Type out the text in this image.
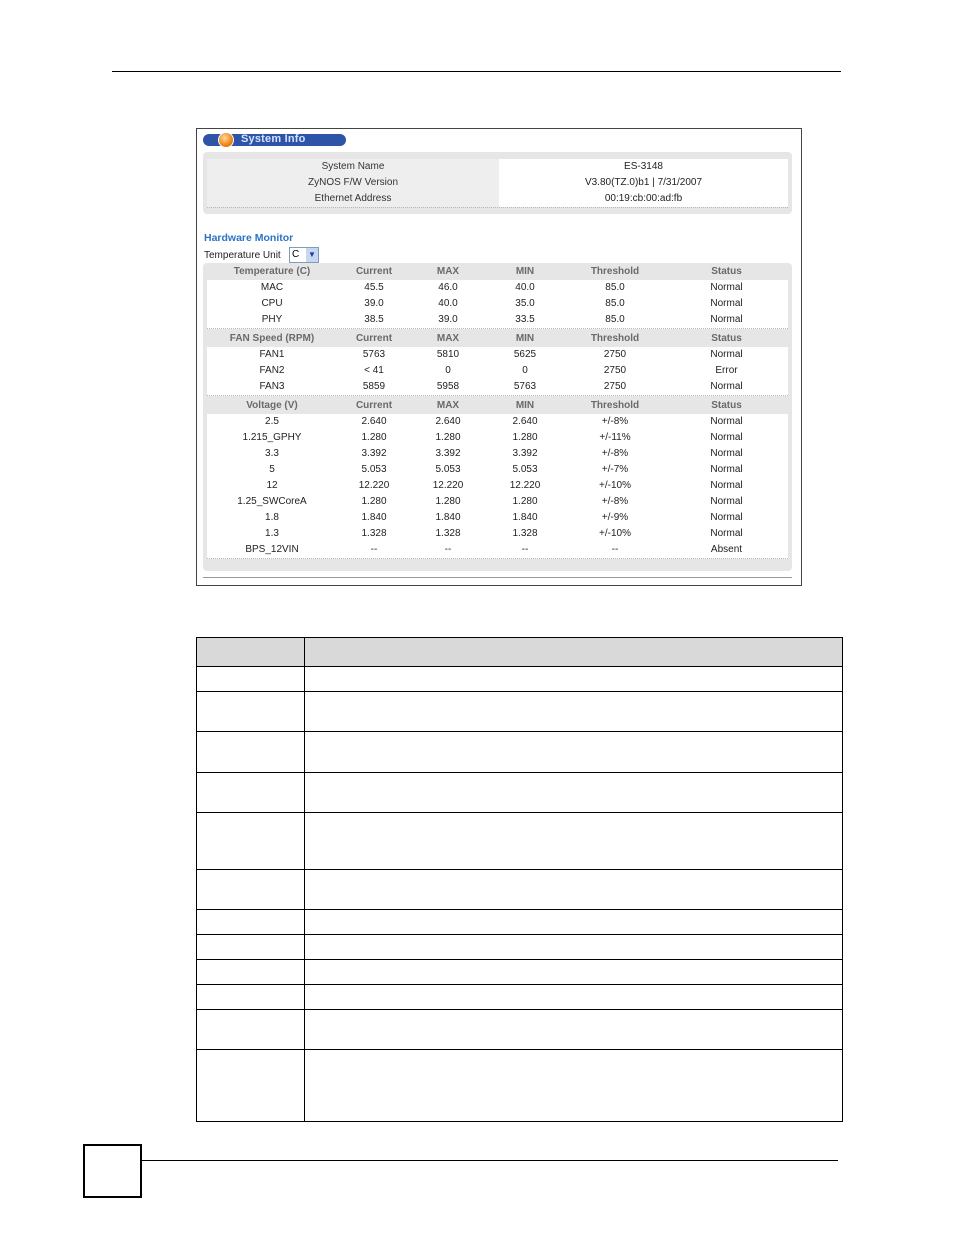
System Info
System Name	ES-3148
ZyNOS F/W Version	V3.80(TZ.0)b1 | 7/31/2007
Ethernet Address	00:19:cb:00:ad:fb
Hardware Monitor
Temperature Unit C ▼
Temperature (C)	Current	MAX	MIN	Threshold	Status
MAC	45.5	46.0	40.0	85.0	Normal
CPU	39.0	40.0	35.0	85.0	Normal
PHY	38.5	39.0	33.5	85.0	Normal
FAN Speed (RPM)	Current	MAX	MIN	Threshold	Status
FAN1	5763	5810	5625	2750	Normal
FAN2	< 41	0	0	2750	Error
FAN3	5859	5958	5763	2750	Normal
Voltage (V)	Current	MAX	MIN	Threshold	Status
2.5	2.640	2.640	2.640	+/-8%	Normal
1.215_GPHY	1.280	1.280	1.280	+/-11%	Normal
3.3	3.392	3.392	3.392	+/-8%	Normal
5	5.053	5.053	5.053	+/-7%	Normal
12	12.220	12.220	12.220	+/-10%	Normal
1.25_SWCoreA	1.280	1.280	1.280	+/-8%	Normal
1.8	1.840	1.840	1.840	+/-9%	Normal
1.3	1.328	1.328	1.328	+/-10%	Normal
BPS_12VIN	--	--	--	--	Absent
